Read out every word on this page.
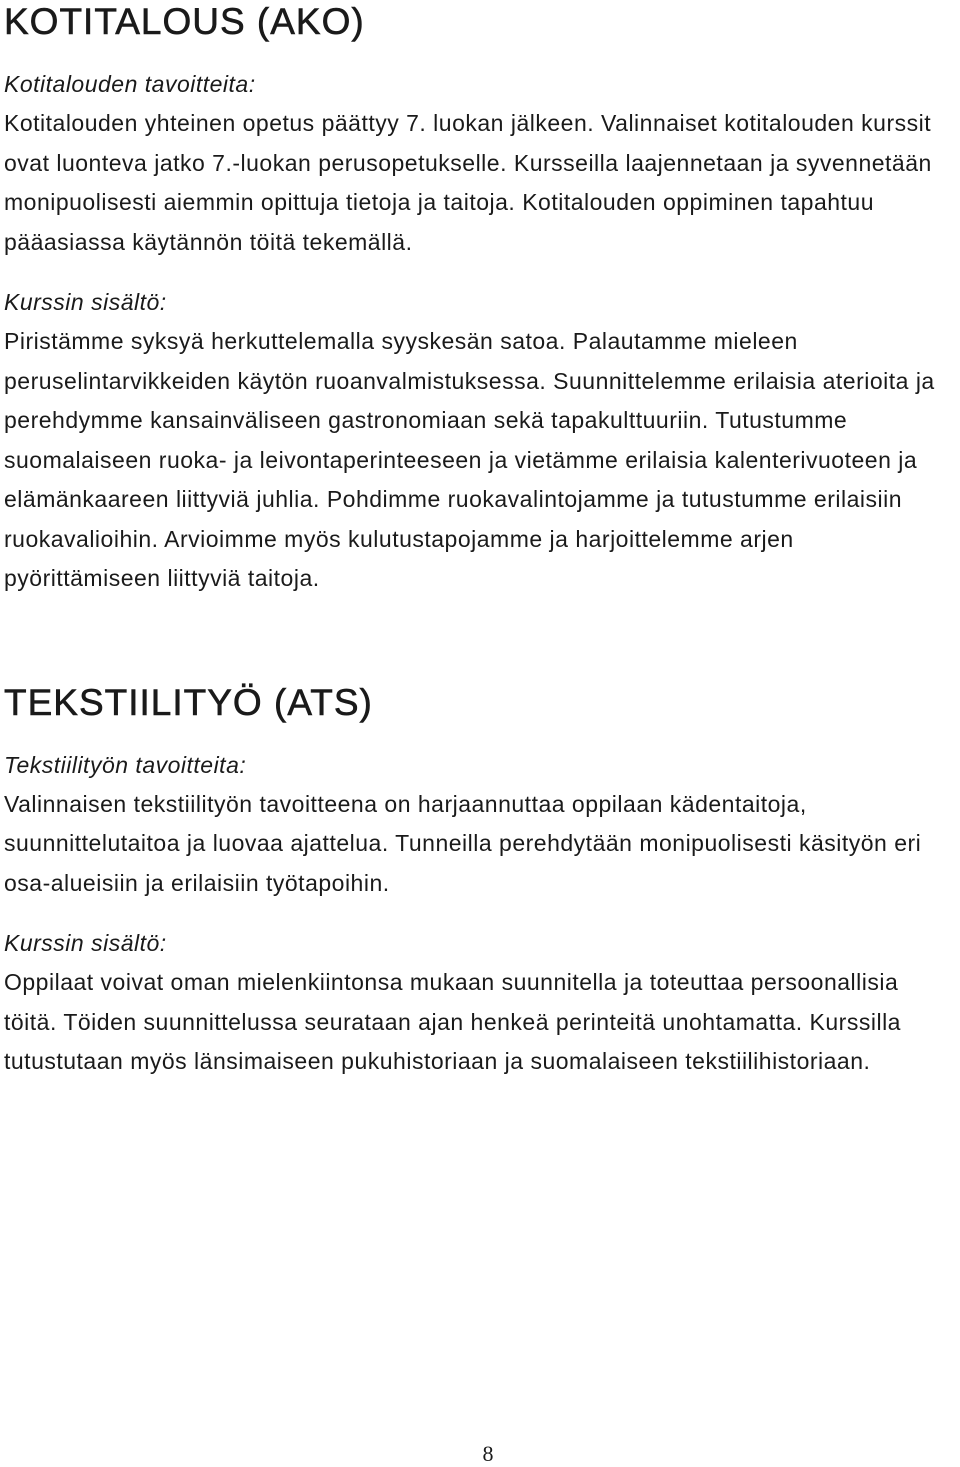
KOTITALOUS (AKO)

Kotitalouden tavoitteita:

Kotitalouden yhteinen opetus päättyy 7. luokan jälkeen. Valinnaiset kotitalouden kurssit ovat luonteva jatko 7.-luokan perusopetukselle. Kursseilla laajennetaan ja syvennetään monipuolisesti aiemmin opittuja tietoja ja taitoja. Kotitalouden oppiminen tapahtuu pääasiassa käytännön töitä tekemällä.

Kurssin sisältö:

Piristämme syksyä herkuttelemalla syyskesän satoa. Palautamme mieleen peruselintarvikkeiden käytön ruoanvalmistuksessa. Suunnittelemme erilaisia aterioita ja perehdymme kansainväliseen gastronomiaan sekä tapakulttuuriin. Tutustumme suomalaiseen ruoka- ja leivontaperinteeseen ja vietämme erilaisia kalenterivuoteen ja elämänkaareen liittyviä juhlia. Pohdimme ruokavalintojamme ja tutustumme erilaisiin ruokavalioihin. Arvioimme myös kulutustapojamme ja harjoittelemme arjen pyörittämiseen liittyviä taitoja.

TEKSTIILITYÖ (ATS)

Tekstiilityön tavoitteita:

Valinnaisen tekstiilityön tavoitteena on harjaannuttaa oppilaan kädentaitoja, suunnittelutaitoa ja luovaa ajattelua. Tunneilla perehdytään monipuolisesti käsityön eri osa-alueisiin ja erilaisiin työtapoihin.

Kurssin sisältö:

Oppilaat voivat oman mielenkiintonsa mukaan suunnitella ja toteuttaa persoonallisia töitä. Töiden suunnittelussa seurataan ajan henkeä perinteitä unohtamatta. Kurssilla tutustutaan myös länsimaiseen pukuhistoriaan ja suomalaiseen tekstiilihistoriaan.

8
